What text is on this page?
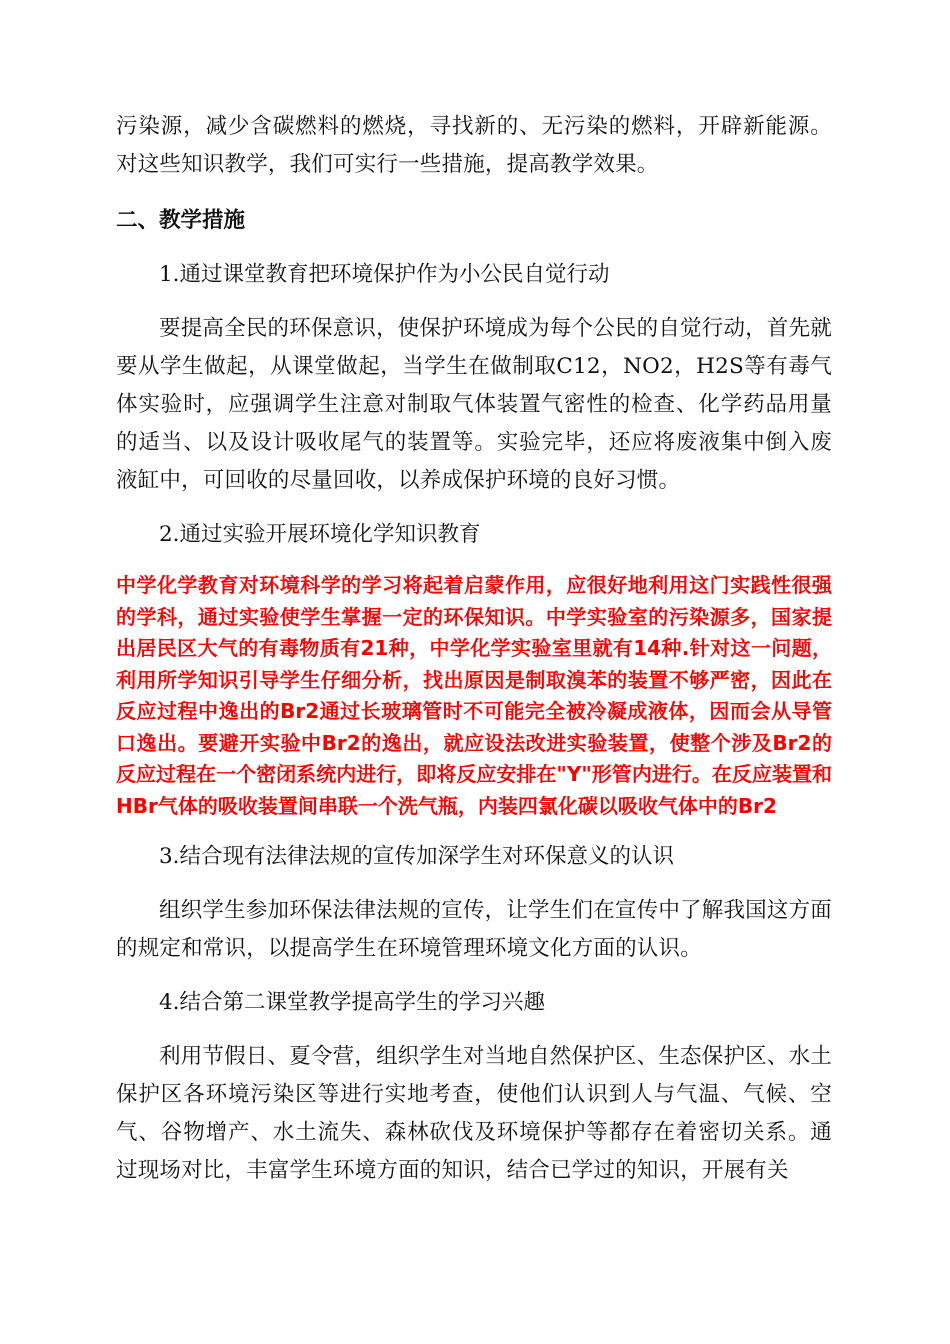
污染源，减少含碳燃料的燃烧，寻找新的、无污染的燃料，开辟新能源。对这些知识教学，我们可实行一些措施，提高教学效果。

二、教学措施

1.通过课堂教育把环境保护作为小公民自觉行动

要提高全民的环保意识，使保护环境成为每个公民的自觉行动，首先就要从学生做起，从课堂做起，当学生在做制取C12，NO2，H2S等有毒气体实验时，应强调学生注意对制取气体装置气密性的检查、化学药品用量的适当、以及设计吸收尾气的装置等。实验完毕，还应将废液集中倒入废液缸中，可回收的尽量回收，以养成保护环境的良好习惯。

2.通过实验开展环境化学知识教育

中学化学教育对环境科学的学习将起着启蒙作用，应很好地利用这门实践性很强的学科，通过实验使学生掌握一定的环保知识。中学实验室的污染源多，国家提出居民区大气的有毒物质有21种，中学化学实验室里就有14种.针对这一问题，利用所学知识引导学生仔细分析，找出原因是制取溴苯的装置不够严密，因此在反应过程中逸出的Br2通过长玻璃管时不可能完全被冷凝成液体，因而会从导管口逸出。要避开实验中Br2的逸出，就应设法改进实验装置，使整个涉及Br2的反应过程在一个密闭系统内进行，即将反应安排在"Y"形管内进行。在反应装置和HBr气体的吸收装置间串联一个洗气瓶，内装四氯化碳以吸收气体中的Br2

3.结合现有法律法规的宣传加深学生对环保意义的认识

组织学生参加环保法律法规的宣传，让学生们在宣传中了解我国这方面的规定和常识，以提高学生在环境管理环境文化方面的认识。

4.结合第二课堂教学提高学生的学习兴趣

利用节假日、夏令营，组织学生对当地自然保护区、生态保护区、水土保护区各环境污染区等进行实地考查，使他们认识到人与气温、气候、空气、谷物增产、水土流失、森林砍伐及环境保护等都存在着密切关系。通过现场对比，丰富学生环境方面的知识，结合已学过的知识，开展有关
